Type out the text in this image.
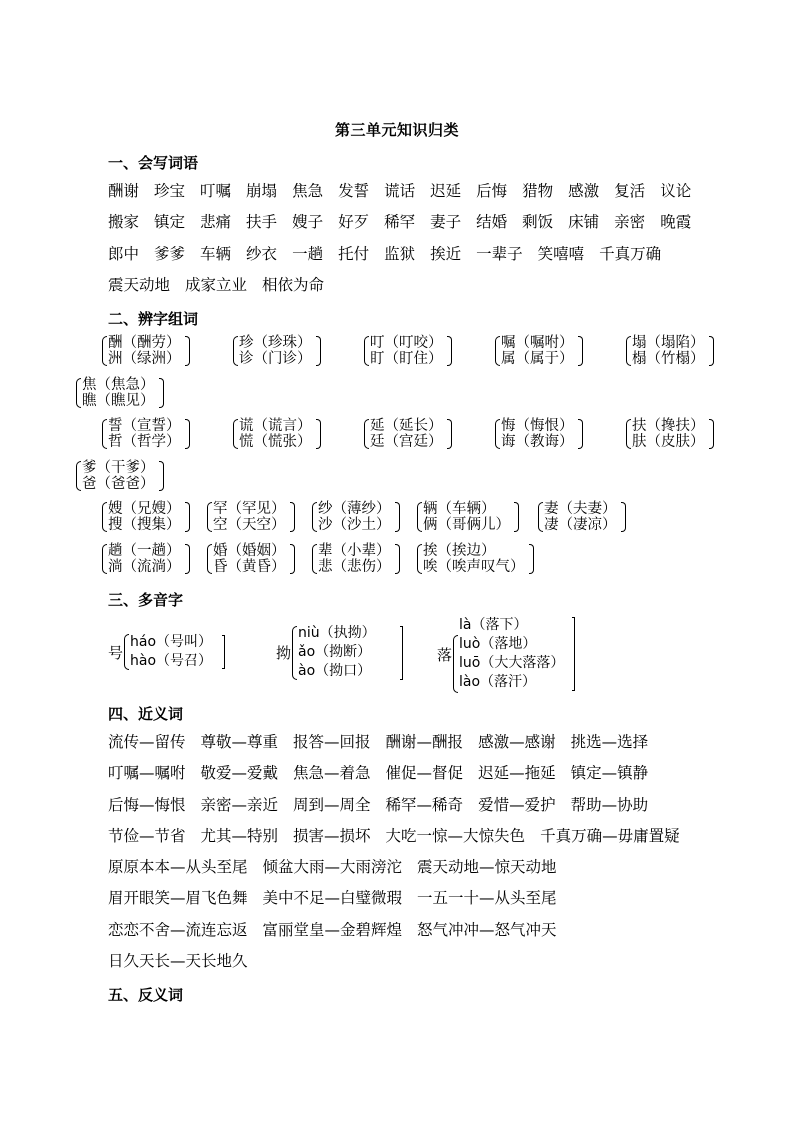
第三单元知识归类
一、会写词语
酬谢 珍宝 叮嘱 崩塌 焦急 发誓 谎话 迟延 后悔 猎物 感激 复活 议论
搬家 镇定 悲痛 扶手 嫂子 好歹 稀罕 妻子 结婚 剩饭 床铺 亲密 晚霞
郎中 爹爹 车辆 纱衣 一趟 托付 监狱 挨近 一辈子 笑嘻嘻 千真万确
震天动地 成家立业 相依为命
二、辨字组词
酬（酬劳）
洲（绿洲）
珍（珍珠）
诊（门诊）
叮（叮咬）
盯（盯住）
嘱（嘱咐）
属（属于）
塌（塌陷）
榻（竹榻）
焦（焦急）
瞧（瞧见）
誓（宣誓）
哲（哲学）
谎（谎言）
慌（慌张）
延（延长）
廷（宫廷）
悔（悔恨）
诲（教诲）
扶（搀扶）
肤（皮肤）
爹（干爹）
爸（爸爸）
嫂（兄嫂）
搜（搜集）
罕（罕见）
空（天空）
纱（薄纱）
沙（沙土）
辆（车辆）
俩（哥俩儿）
妻（夫妻）
凄（凄凉）
趟（一趟）
淌（流淌）
婚（婚姻）
昏（黄昏）
辈（小辈）
悲（悲伤）
挨（挨边）
唉（唉声叹气）
三、多音字
号
háo（号叫）
hào（号召）	拗
niù（执拗）
ǎo（拗断）
ào（拗口）
落
là（落下）
luò（落地）
luō（大大落落）
lào（落汗）
四、近义词
流传—留传 尊敬—尊重 报答—回报 酬谢—酬报 感激—感谢 挑选—选择
叮嘱—嘱咐 敬爱—爱戴 焦急—着急 催促—督促 迟延—拖延 镇定—镇静
后悔—悔恨 亲密—亲近 周到—周全 稀罕—稀奇 爱惜—爱护 帮助—协助
节俭—节省 尤其—特别 损害—损坏 大吃一惊—大惊失色 千真万确—毋庸置疑
原原本本—从头至尾 倾盆大雨—大雨滂沱 震天动地—惊天动地
眉开眼笑—眉飞色舞 美中不足—白璧微瑕 一五一十—从头至尾
恋恋不舍—流连忘返 富丽堂皇—金碧辉煌 怒气冲冲—怒气冲天
日久天长—天长地久
五、反义词
